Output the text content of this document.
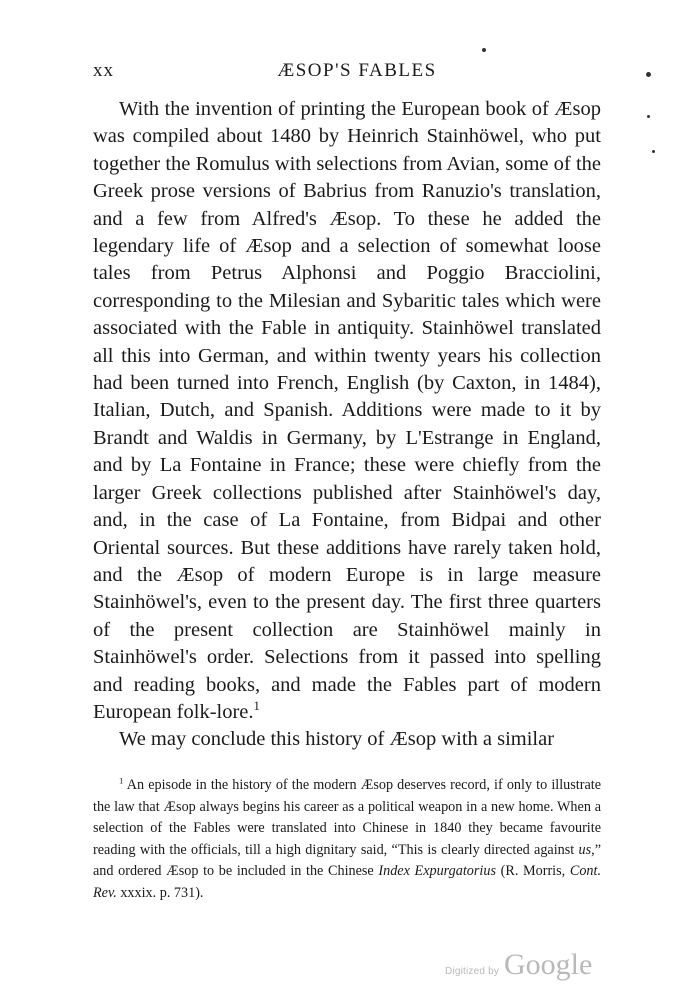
xx	ÆSOP'S FABLES

With the invention of printing the European book of Æsop was compiled about 1480 by Heinrich Stainhöwel, who put together the Romulus with selections from Avian, some of the Greek prose versions of Babrius from Ranuzio's translation, and a few from Alfred's Æsop. To these he added the legendary life of Æsop and a selection of somewhat loose tales from Petrus Alphonsi and Poggio Bracciolini, corresponding to the Milesian and Sybaritic tales which were associated with the Fable in antiquity. Stainhöwel translated all this into German, and within twenty years his collection had been turned into French, English (by Caxton, in 1484), Italian, Dutch, and Spanish. Additions were made to it by Brandt and Waldis in Germany, by L'Estrange in England, and by La Fontaine in France; these were chiefly from the larger Greek collections published after Stainhöwel's day, and, in the case of La Fontaine, from Bidpai and other Oriental sources. But these additions have rarely taken hold, and the Æsop of modern Europe is in large measure Stainhöwel's, even to the present day. The first three quarters of the present collection are Stainhöwel mainly in Stainhöwel's order. Selections from it passed into spelling and reading books, and made the Fables part of modern European folk-lore.$^1$

We may conclude this history of Æsop with a similar

$^1$ An episode in the history of the modern Æsop deserves record, if only to illustrate the law that Æsop always begins his career as a political weapon in a new home. When a selection of the Fables were translated into Chinese in 1840 they became favourite reading with the officials, till a high dignitary said, “This is clearly directed against us,” and ordered Æsop to be included in the Chinese Index Expurgatorius (R. Morris, Cont. Rev. xxxix. p. 731).

Digitized by Google
